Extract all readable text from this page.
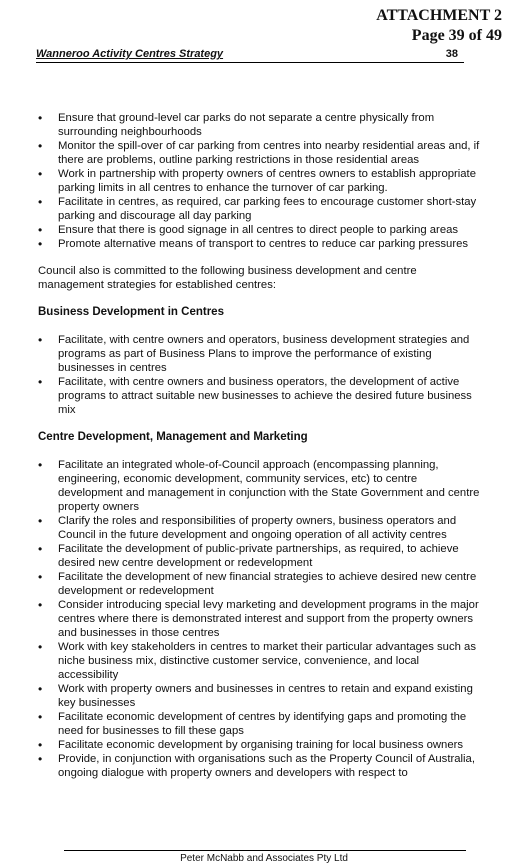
ATTACHMENT 2
Page 39 of 49
Wanneroo Activity Centres Strategy	38
• Ensure that ground-level car parks do not separate a centre physically from surrounding neighbourhoods
• Monitor the spill-over of car parking from centres into nearby residential areas and, if there are problems, outline parking restrictions in those residential areas
• Work in partnership with property owners of centres owners to establish appropriate parking limits in all centres to enhance the turnover of car parking.
• Facilitate in centres, as required, car parking fees to encourage customer short-stay parking and discourage all day parking
• Ensure that there is good signage in all centres to direct people to parking areas
• Promote alternative means of transport to centres to reduce car parking pressures

Council also is committed to the following business development and centre management strategies for established centres:

Business Development in Centres
• Facilitate, with centre owners and operators, business development strategies and programs as part of Business Plans to improve the performance of existing businesses in centres
• Facilitate, with centre owners and business operators, the development of active programs to attract suitable new businesses to achieve the desired future business mix
Centre Development, Management and Marketing
• Facilitate an integrated whole-of-Council approach (encompassing planning, engineering, economic development, community services, etc) to centre development and management in conjunction with the State Government and centre property owners
• Clarify the roles and responsibilities of property owners, business operators and Council in the future development and ongoing operation of all activity centres
• Facilitate the development of public-private partnerships, as required, to achieve desired new centre development or redevelopment
• Facilitate the development of new financial strategies to achieve desired new centre development or redevelopment
• Consider introducing special levy marketing and development programs in the major centres where there is demonstrated interest and support from the property owners and businesses in those centres
• Work with key stakeholders in centres to market their particular advantages such as niche business mix, distinctive customer service, convenience, and local accessibility
• Work with property owners and businesses in centres to retain and expand existing key businesses
• Facilitate economic development of centres by identifying gaps and promoting the need for businesses to fill these gaps
• Facilitate economic development by organising training for local business owners
• Provide, in conjunction with organisations such as the Property Council of Australia, ongoing dialogue with property owners and developers with respect to
Peter McNabb and Associates Pty Ltd
